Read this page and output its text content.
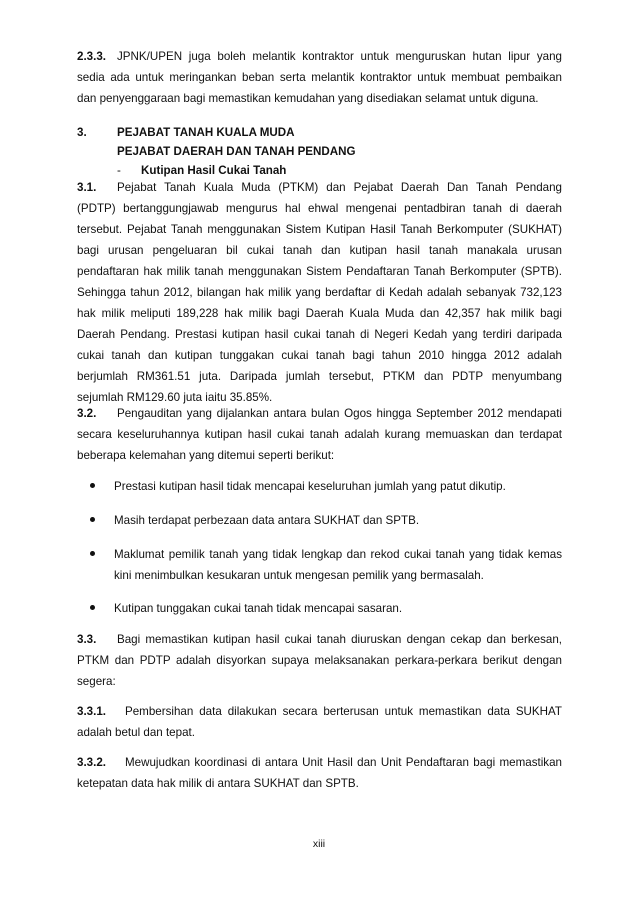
2.3.3. JPNK/UPEN juga boleh melantik kontraktor untuk menguruskan hutan lipur yang
sedia ada untuk meringankan beban serta melantik kontraktor untuk membuat pembaikan
dan penyenggaraan bagi memastikan kemudahan yang disediakan selamat untuk diguna.
3.	PEJABAT TANAH KUALA MUDA
PEJABAT DAERAH DAN TANAH PENDANG
- Kutipan Hasil Cukai Tanah
3.1. Pejabat Tanah Kuala Muda (PTKM) dan Pejabat Daerah Dan Tanah Pendang
(PDTP) bertanggungjawab mengurus hal ehwal mengenai pentadbiran tanah di daerah
tersebut. Pejabat Tanah menggunakan Sistem Kutipan Hasil Tanah Berkomputer (SUKHAT)
bagi urusan pengeluaran bil cukai tanah dan kutipan hasil tanah manakala urusan
pendaftaran hak milik tanah menggunakan Sistem Pendaftaran Tanah Berkomputer (SPTB).
Sehingga tahun 2012, bilangan hak milik yang berdaftar di Kedah adalah sebanyak 732,123
hak milik meliputi 189,228 hak milik bagi Daerah Kuala Muda dan 42,357 hak milik bagi
Daerah Pendang. Prestasi kutipan hasil cukai tanah di Negeri Kedah yang terdiri daripada
cukai tanah dan kutipan tunggakan cukai tanah bagi tahun 2010 hingga 2012 adalah
berjumlah RM361.51 juta. Daripada jumlah tersebut, PTKM dan PDTP menyumbang
sejumlah RM129.60 juta iaitu 35.85%.
3.2. Pengauditan yang dijalankan antara bulan Ogos hingga September 2012 mendapati
secara keseluruhannya kutipan hasil cukai tanah adalah kurang memuaskan dan terdapat
beberapa kelemahan yang ditemui seperti berikut:
Prestasi kutipan hasil tidak mencapai keseluruhan jumlah yang patut dikutip.
Masih terdapat perbezaan data antara SUKHAT dan SPTB.
Maklumat pemilik tanah yang tidak lengkap dan rekod cukai tanah yang tidak kemas
kini menimbulkan kesukaran untuk mengesan pemilik yang bermasalah.
Kutipan tunggakan cukai tanah tidak mencapai sasaran.
3.3. Bagi memastikan kutipan hasil cukai tanah diuruskan dengan cekap dan berkesan,
PTKM dan PDTP adalah disyorkan supaya melaksanakan perkara-perkara berikut dengan
segera:
3.3.1. Pembersihan data dilakukan secara berterusan untuk memastikan data SUKHAT
adalah betul dan tepat.
3.3.2. Mewujudkan koordinasi di antara Unit Hasil dan Unit Pendaftaran bagi memastikan
ketepatan data hak milik di antara SUKHAT dan SPTB.
xiii
